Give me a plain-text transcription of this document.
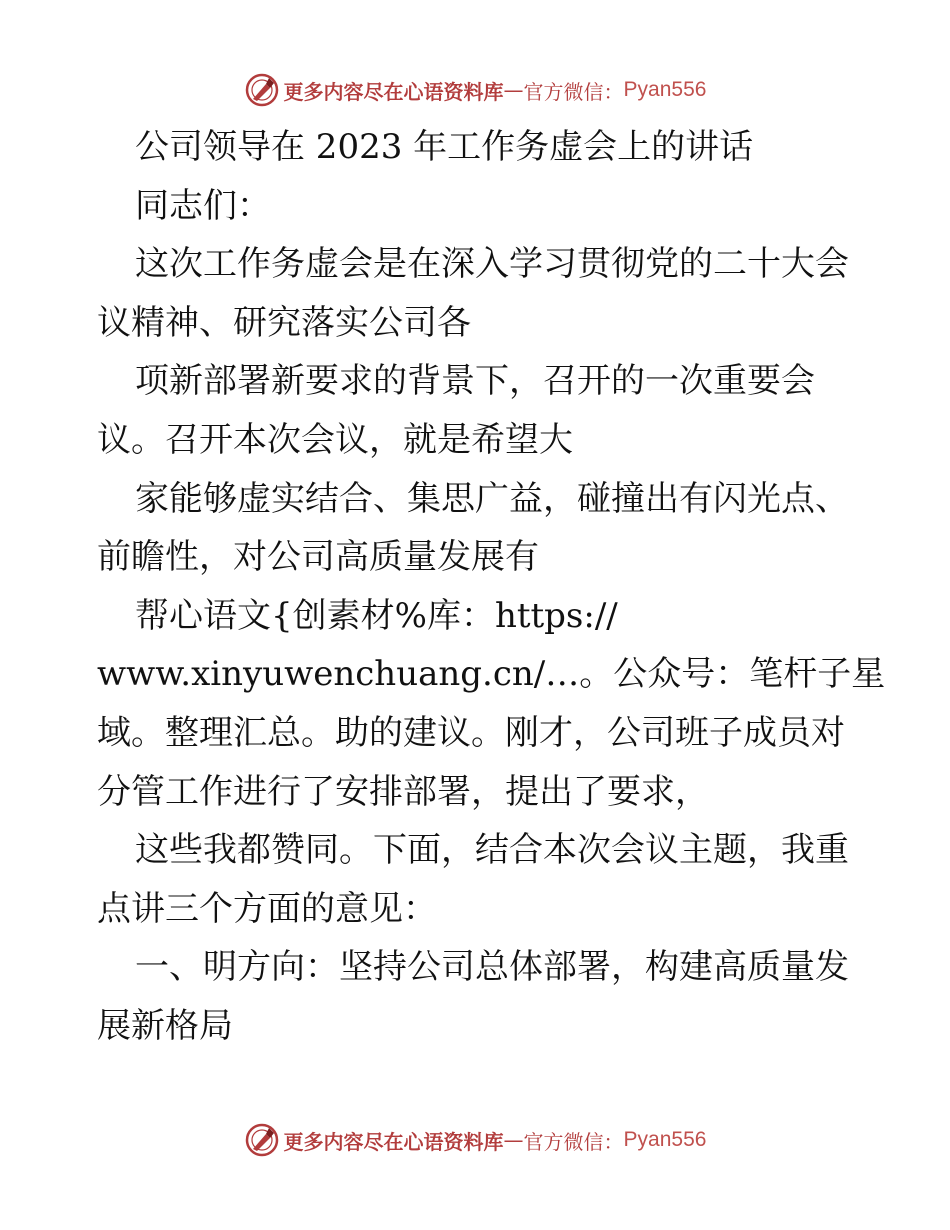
更多内容尽在心语资料库 — 官方微信： Pyan556
公司领导在 2023 年工作务虚会上的讲话
同志们：
这次工作务虚会是在深入学习贯彻党的二十大会
议精神、研究落实公司各
项新部署新要求的背景下，召开的一次重要会
议。召开本次会议，就是希望大
家能够虚实结合、集思广益，碰撞出有闪光点、
前瞻性，对公司高质量发展有
帮心语文{创素材%库：https://
www.xinyuwenchuang.cn/…。公众号：笔杆子星
域。整理汇总。助的建议。刚才，公司班子成员对
分管工作进行了安排部署，提出了要求，
这些我都赞同。下面，结合本次会议主题，我重
点讲三个方面的意见：
一、明方向：坚持公司总体部署，构建高质量发
展新格局
更多内容尽在心语资料库 — 官方微信： Pyan556
